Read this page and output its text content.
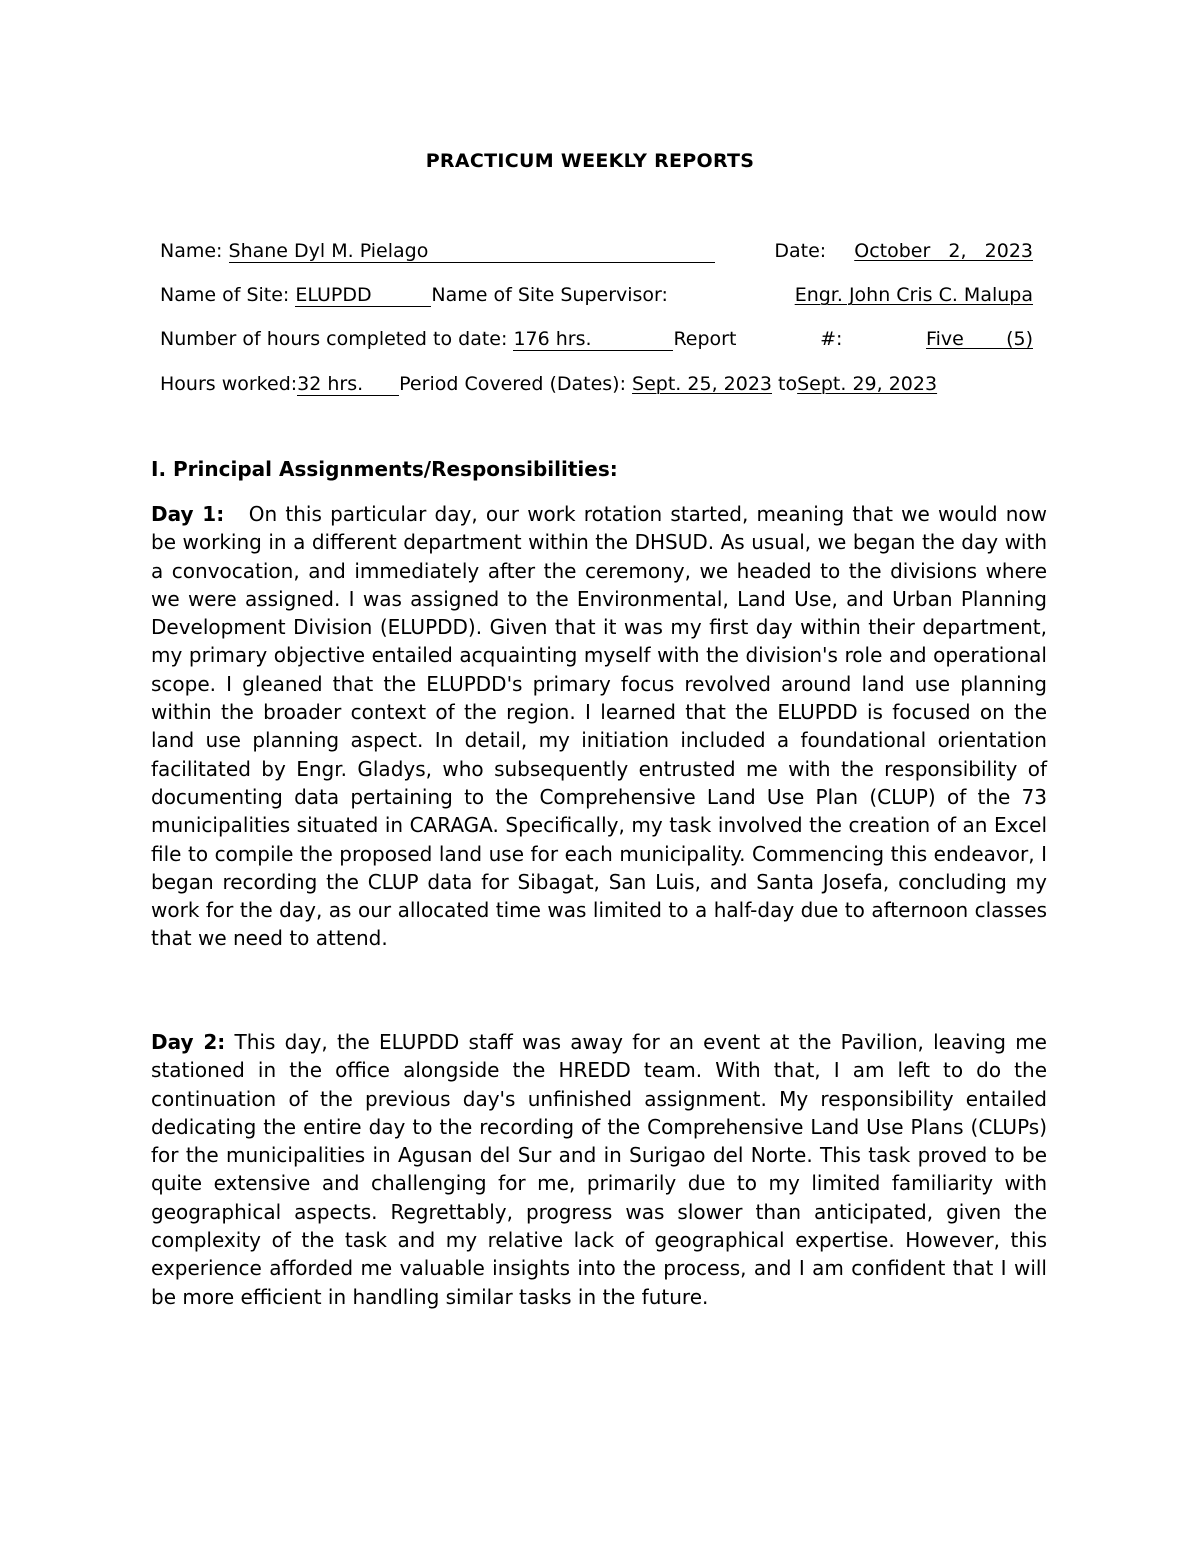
PRACTICUM WEEKLY REPORTS
Name: Shane Dyl M. Pielago	Date: October   2,   2023
Name of Site: ELUPDD	Name of Site Supervisor:	Engr. John Cris C. Malupa
Number of hours completed to date: 176 hrs.	Report	#:	Five       (5)
Hours worked:32 hrs. Period Covered (Dates): Sept. 25, 2023 toSept. 29, 2023
I. Principal Assignments/Responsibilities:

Day 1: On this particular day, our work rotation started, meaning that we would now be working in a different department within the DHSUD. As usual, we began the day with a convocation, and immediately after the ceremony, we headed to the divisions where we were assigned. I was assigned to the Environmental, Land Use, and Urban Planning Development Division (ELUPDD). Given that it was my first day within their department, my primary objective entailed acquainting myself with the division's role and operational scope. I gleaned that the ELUPDD's primary focus revolved around land use planning within the broader context of the region. I learned that the ELUPDD is focused on the land use planning aspect. In detail, my initiation included a foundational orientation facilitated by Engr. Gladys, who subsequently entrusted me with the responsibility of documenting data pertaining to the Comprehensive Land Use Plan (CLUP) of the 73 municipalities situated in CARAGA. Specifically, my task involved the creation of an Excel file to compile the proposed land use for each municipality. Commencing this endeavor, I began recording the CLUP data for Sibagat, San Luis, and Santa Josefa, concluding my work for the day, as our allocated time was limited to a half-day due to afternoon classes that we need to attend.

Day 2: This day, the ELUPDD staff was away for an event at the Pavilion, leaving me stationed in the office alongside the HREDD team. With that, I am left to do the continuation of the previous day's unfinished assignment. My responsibility entailed dedicating the entire day to the recording of the Comprehensive Land Use Plans (CLUPs) for the municipalities in Agusan del Sur and in Surigao del Norte. This task proved to be quite extensive and challenging for me, primarily due to my limited familiarity with geographical aspects. Regrettably, progress was slower than anticipated, given the complexity of the task and my relative lack of geographical expertise. However, this experience afforded me valuable insights into the process, and I am confident that I will be more efficient in handling similar tasks in the future.
